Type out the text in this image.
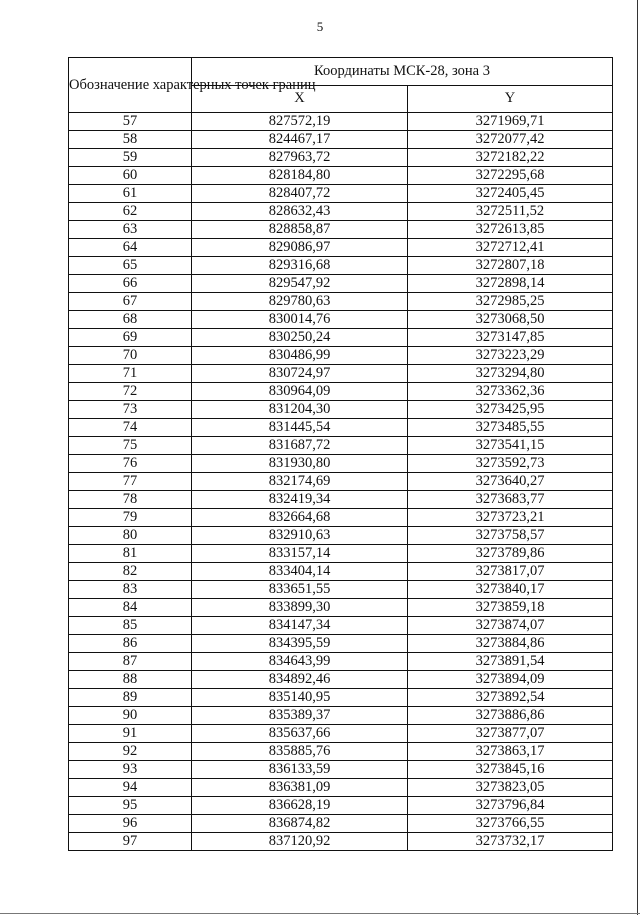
5
Обозначение характерных точек границ	Координаты МСК-28, зона 3	
	X	Y
57	827572,19	3271969,71
58	824467,17	3272077,42
59	827963,72	3272182,22
60	828184,80	3272295,68
61	828407,72	3272405,45
62	828632,43	3272511,52
63	828858,87	3272613,85
64	829086,97	3272712,41
65	829316,68	3272807,18
66	829547,92	3272898,14
67	829780,63	3272985,25
68	830014,76	3273068,50
69	830250,24	3273147,85
70	830486,99	3273223,29
71	830724,97	3273294,80
72	830964,09	3273362,36
73	831204,30	3273425,95
74	831445,54	3273485,55
75	831687,72	3273541,15
76	831930,80	3273592,73
77	832174,69	3273640,27
78	832419,34	3273683,77
79	832664,68	3273723,21
80	832910,63	3273758,57
81	833157,14	3273789,86
82	833404,14	3273817,07
83	833651,55	3273840,17
84	833899,30	3273859,18
85	834147,34	3273874,07
86	834395,59	3273884,86
87	834643,99	3273891,54
88	834892,46	3273894,09
89	835140,95	3273892,54
90	835389,37	3273886,86
91	835637,66	3273877,07
92	835885,76	3273863,17
93	836133,59	3273845,16
94	836381,09	3273823,05
95	836628,19	3273796,84
96	836874,82	3273766,55
97	837120,92	3273732,17
